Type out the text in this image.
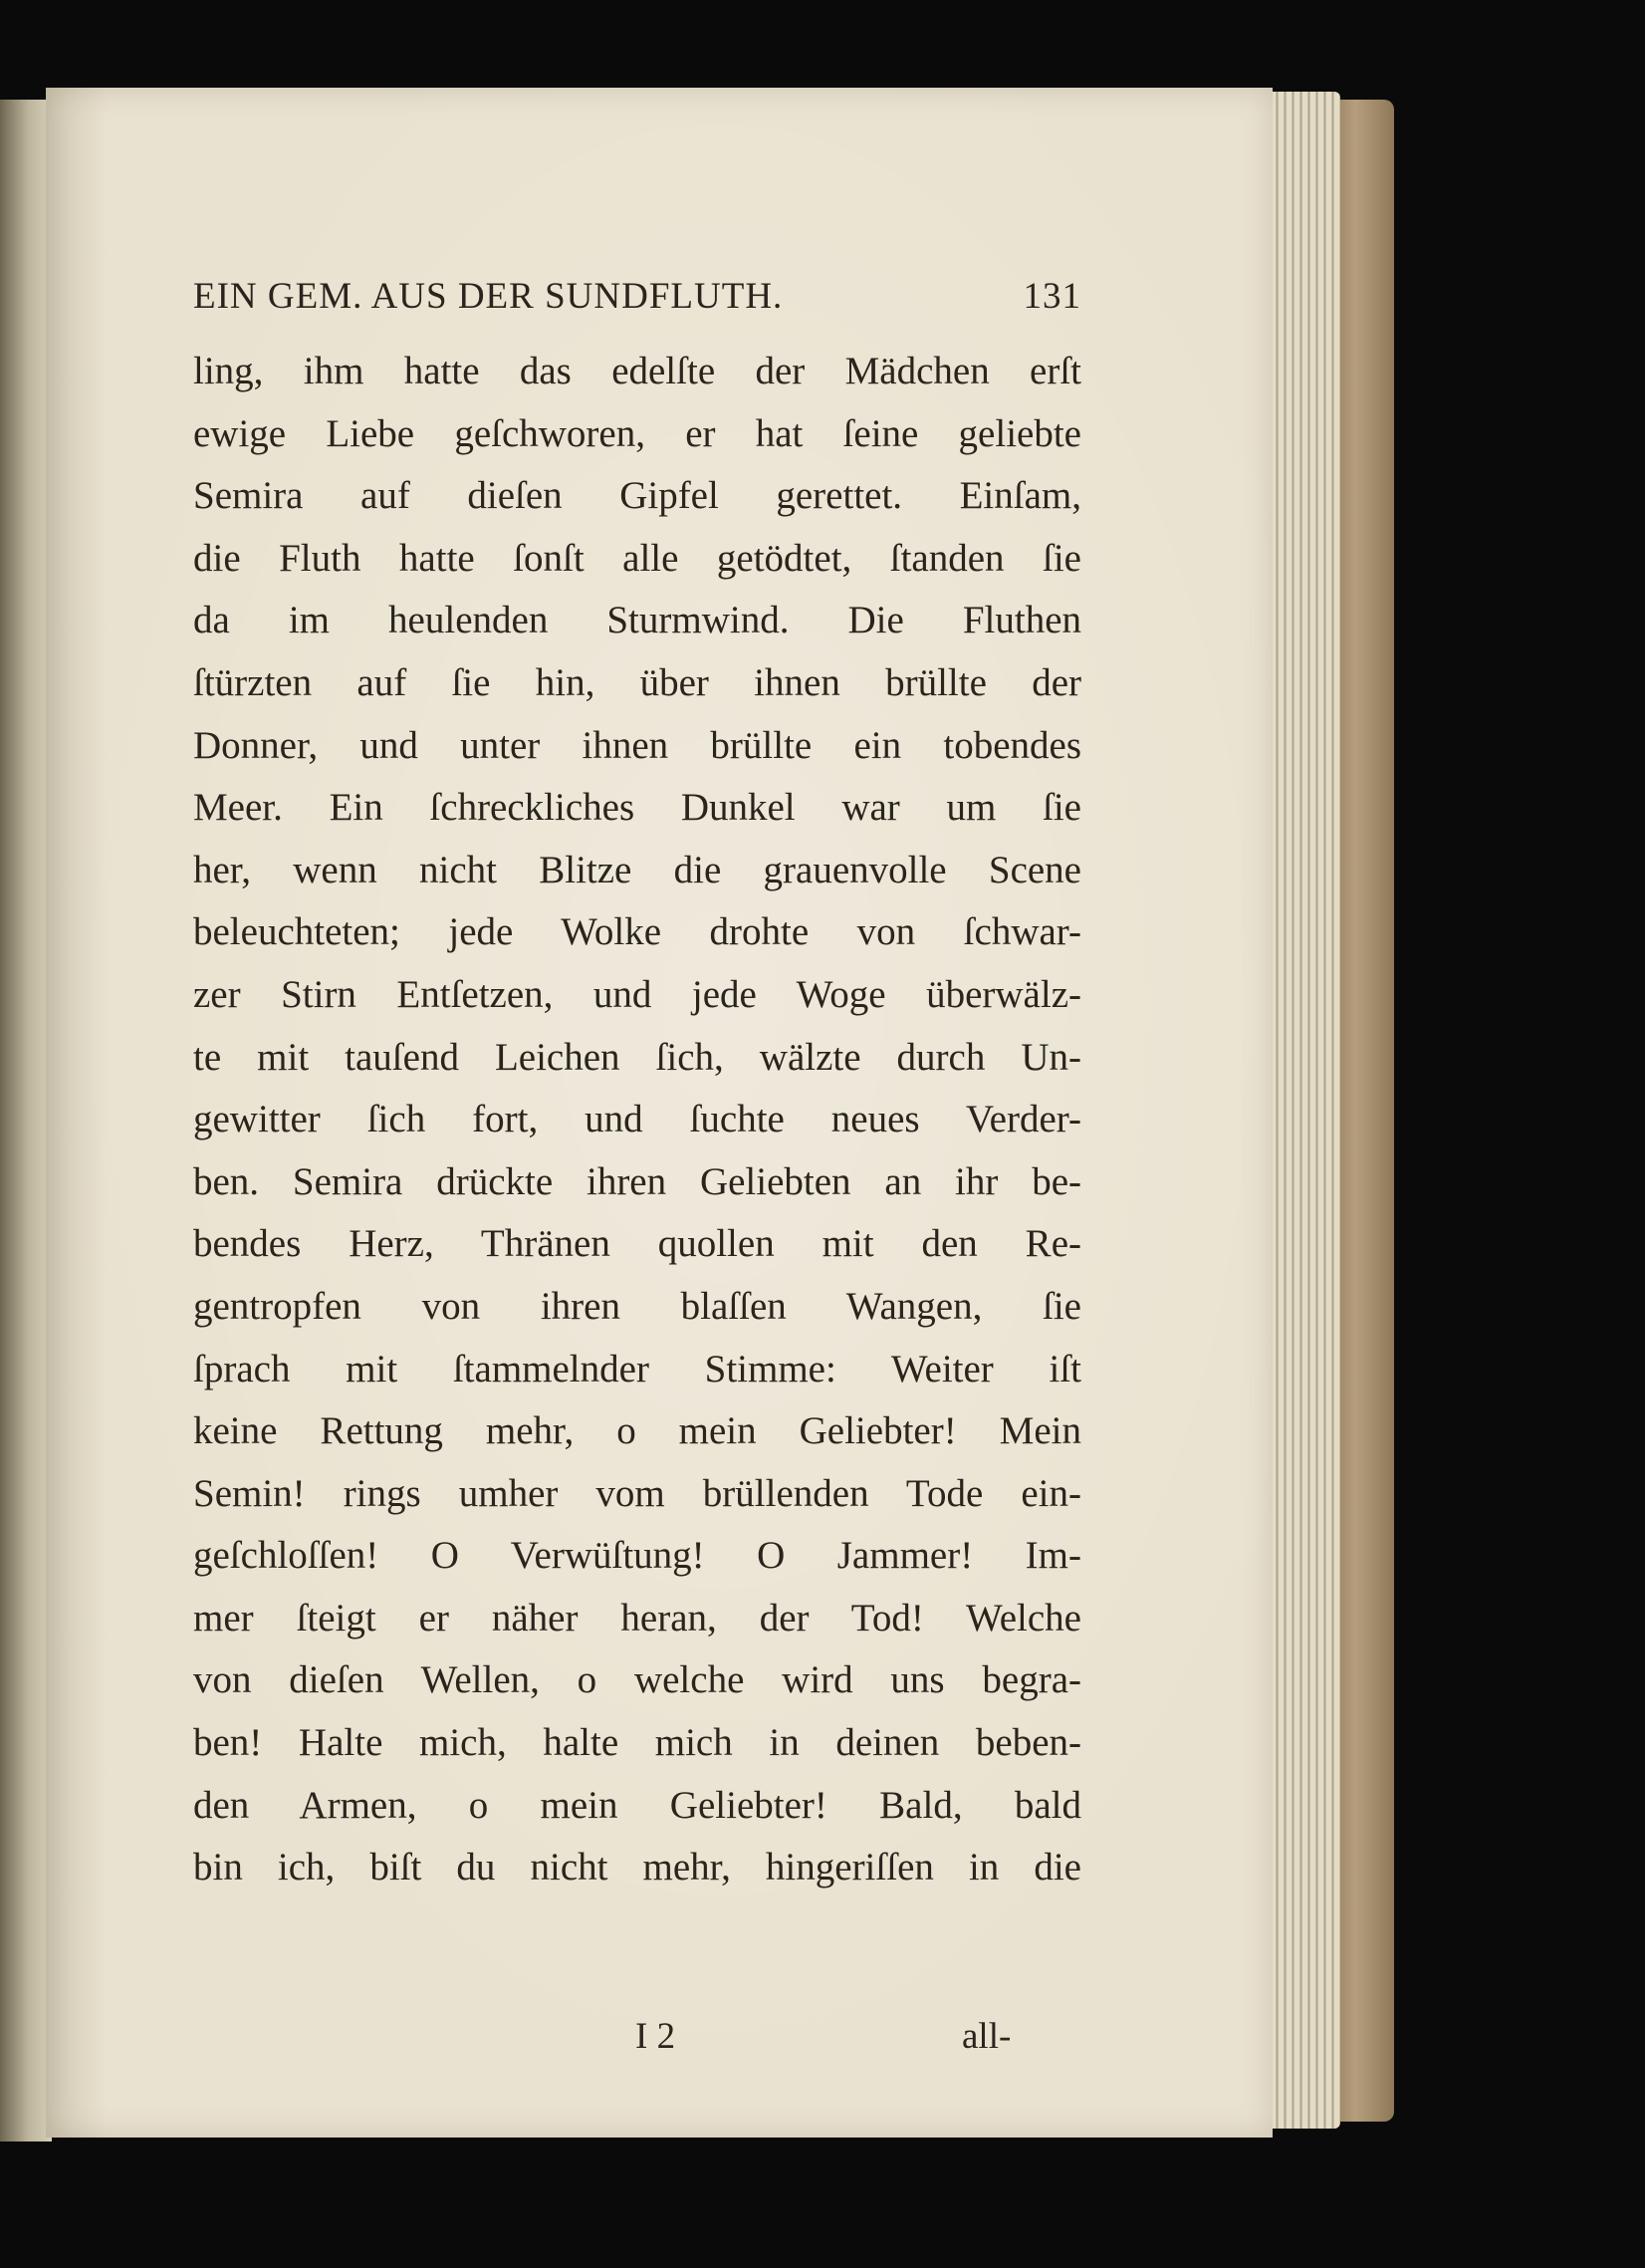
EIN GEM. AUS DER SUNDFLUTH.	131
ling, ihm hatte das edelſte der Mädchen erſt
ewige Liebe geſchworen, er hat ſeine geliebte
Semira auf dieſen Gipfel gerettet. Einſam,
die Fluth hatte ſonſt alle getödtet, ſtanden ſie
da im heulenden Sturmwind. Die Fluthen
ſtürzten auf ſie hin, über ihnen brüllte der
Donner, und unter ihnen brüllte ein tobendes
Meer. Ein ſchreckliches Dunkel war um ſie
her, wenn nicht Blitze die grauenvolle Scene
beleuchteten; jede Wolke drohte von ſchwar-
zer Stirn Entſetzen, und jede Woge überwälz-
te mit tauſend Leichen ſich, wälzte durch Un-
gewitter ſich fort, und ſuchte neues Verder-
ben. Semira drückte ihren Geliebten an ihr be-
bendes Herz, Thränen quollen mit den Re-
gentropfen von ihren blaſſen Wangen, ſie
ſprach mit ſtammelnder Stimme: Weiter iſt
keine Rettung mehr, o mein Geliebter! Mein
Semin! rings umher vom brüllenden Tode ein-
geſchloſſen! O Verwüſtung! O Jammer! Im-
mer ſteigt er näher heran, der Tod! Welche
von dieſen Wellen, o welche wird uns begra-
ben! Halte mich, halte mich in deinen beben-
den Armen, o mein Geliebter! Bald, bald
bin ich, biſt du nicht mehr, hingeriſſen in die
I 2	all-
